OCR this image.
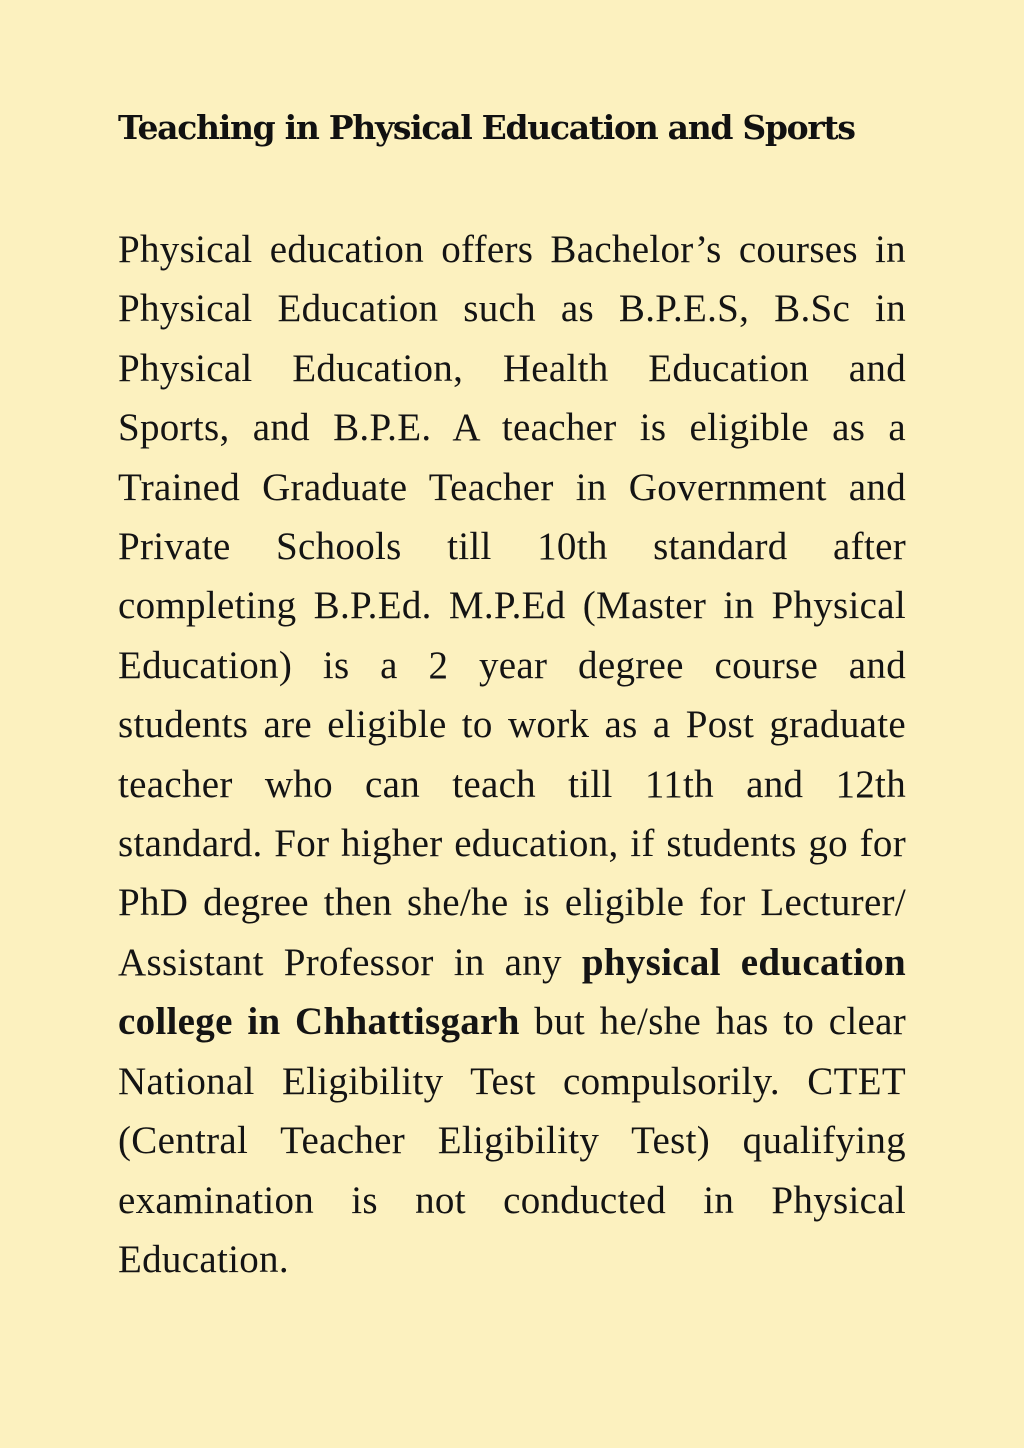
Teaching in Physical Education and Sports

Physical education offers Bachelor’s courses in Physical Education such as B.P.E.S, B.Sc in Physical Education, Health Education and Sports, and B.P.E. A teacher is eligible as a Trained Graduate Teacher in Government and Private Schools till 10th standard after completing B.P.Ed. M.P.Ed (Master in Physical Education) is a 2 year degree course and students are eligible to work as a Post graduate teacher who can teach till 11th and 12th standard. For higher education, if students go for PhD degree then she/he is eligible for Lecturer/ Assistant Professor in any physical education college in Chhattisgarh but he/she has to clear National Eligibility Test compulsorily. CTET (Central Teacher Eligibility Test) qualifying examination is not conducted in Physical Education.
